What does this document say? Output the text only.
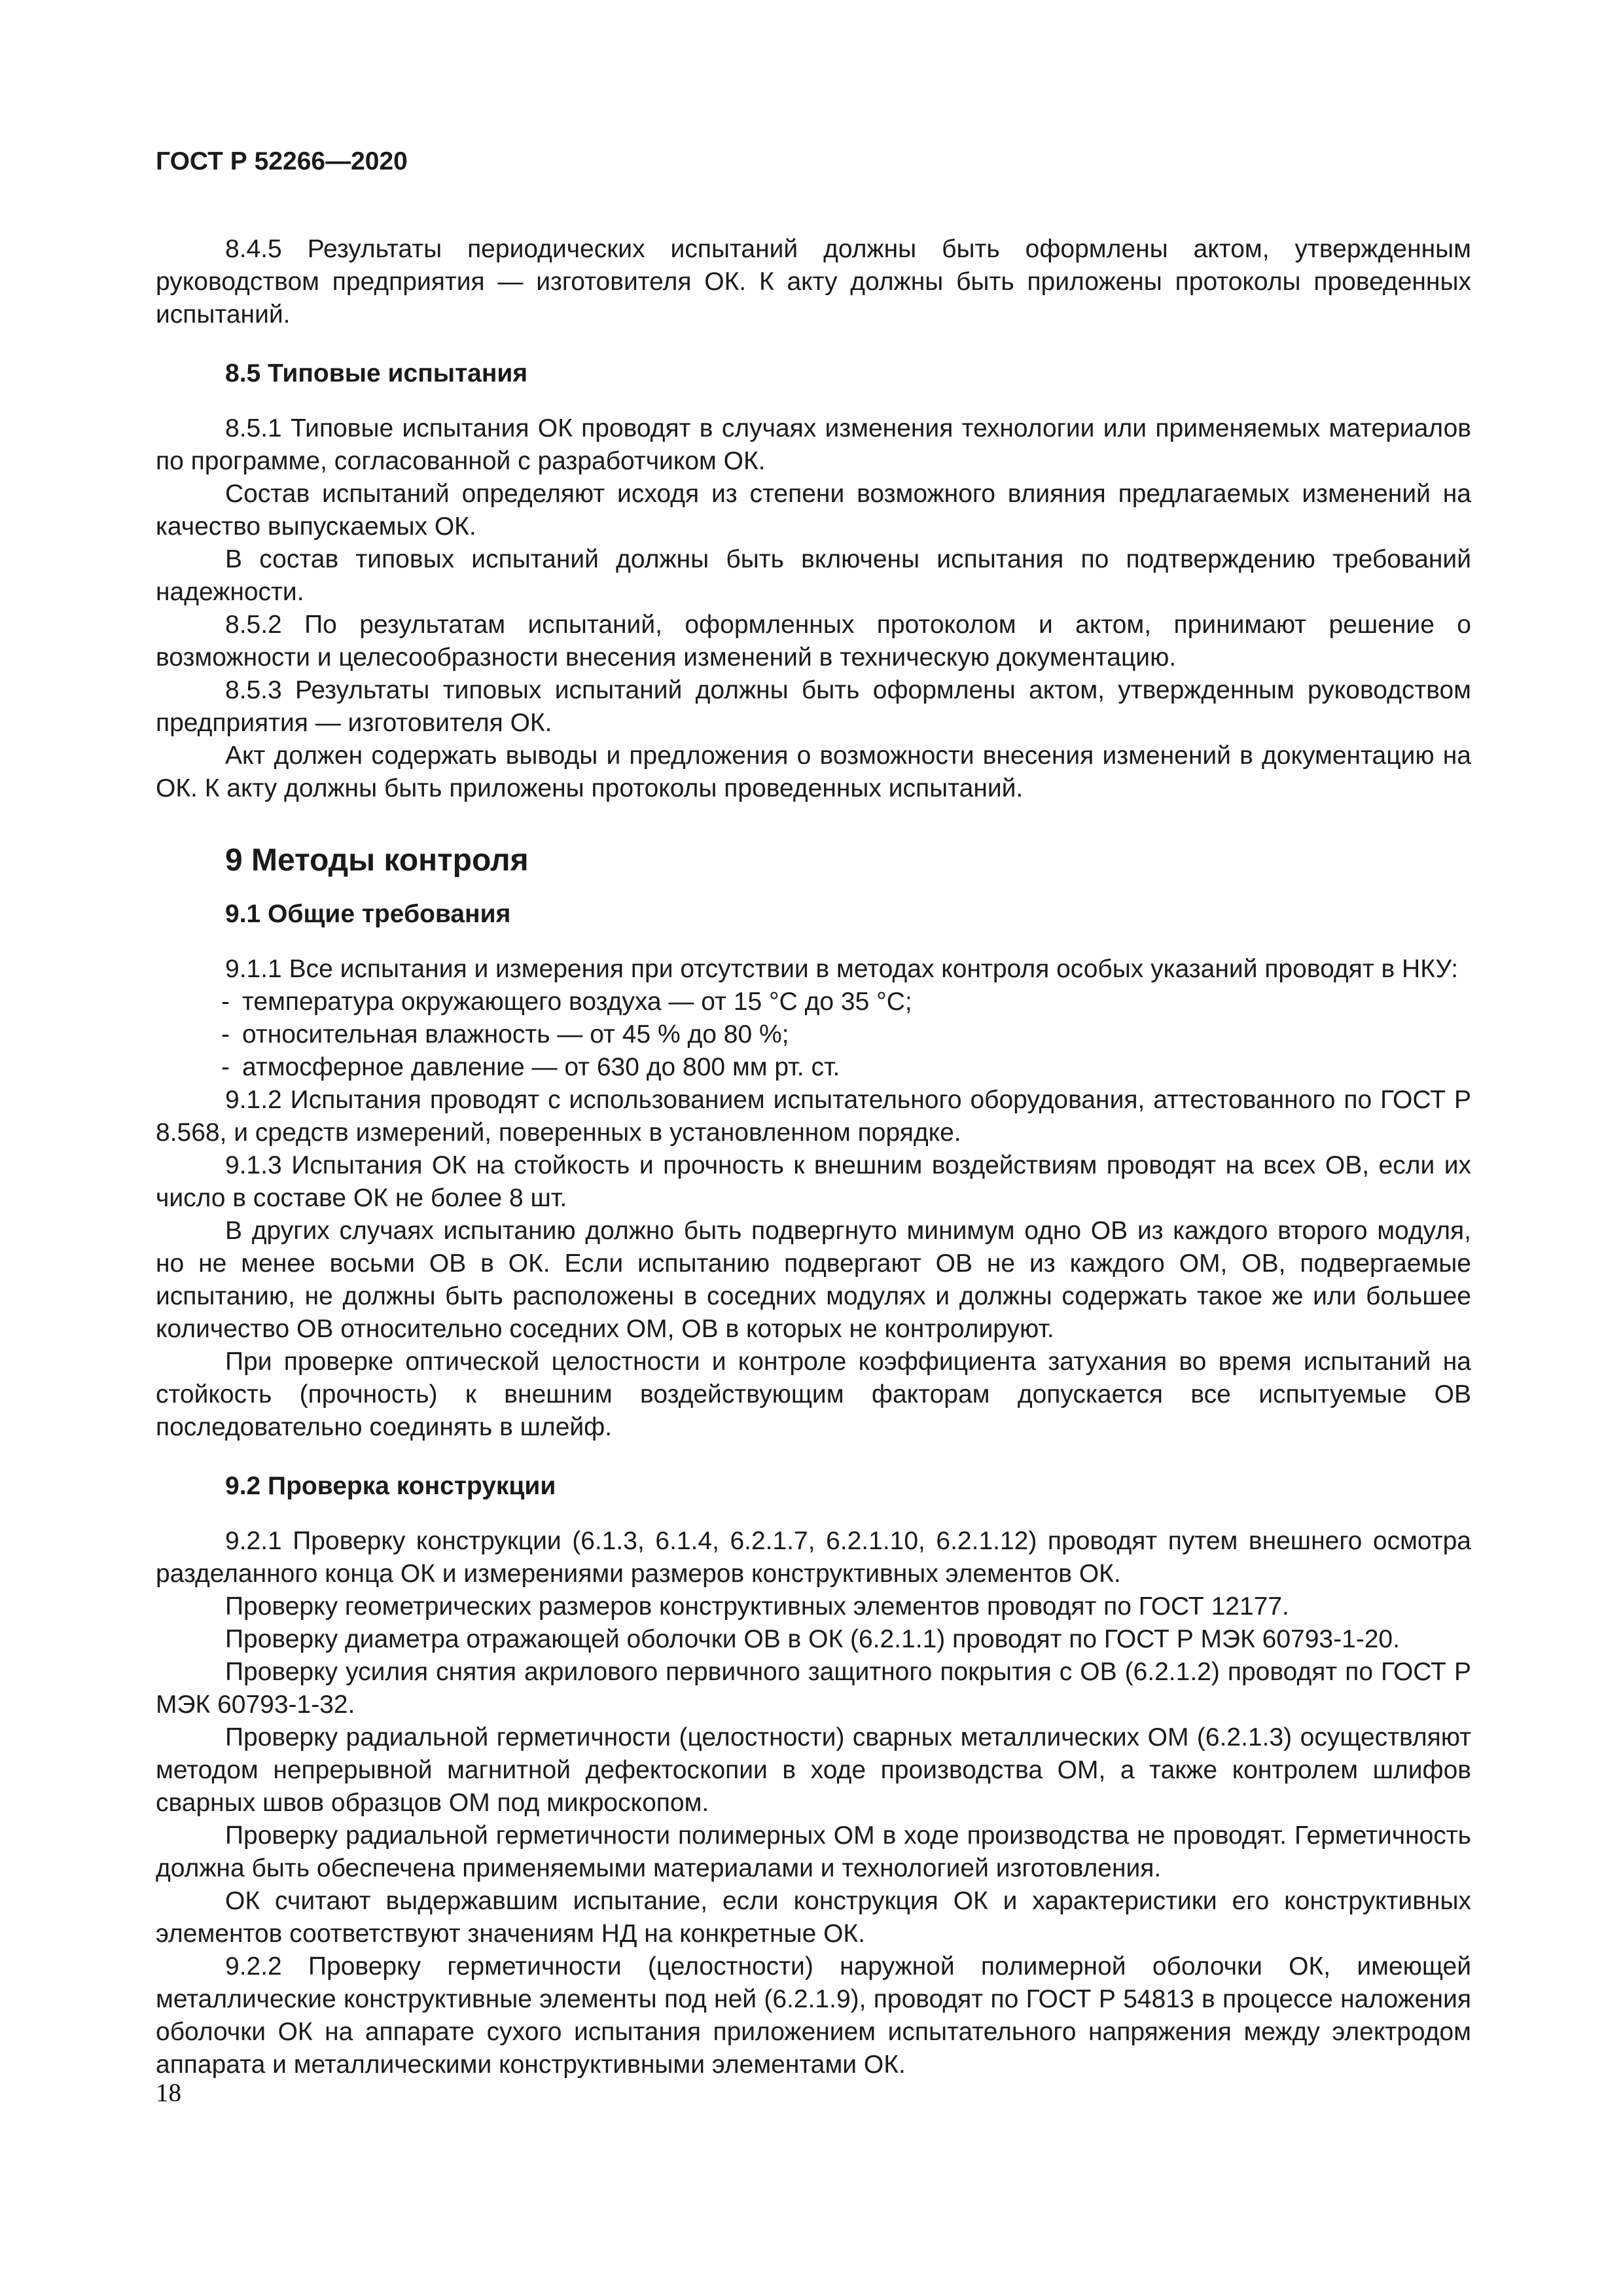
ГОСТ Р 52266—2020

8.4.5 Результаты периодических испытаний должны быть оформлены актом, утвержденным руководством предприятия — изготовителя ОК. К акту должны быть приложены протоколы проведенных испытаний.

8.5 Типовые испытания

8.5.1 Типовые испытания ОК проводят в случаях изменения технологии или применяемых материалов по программе, согласованной с разработчиком ОК.

Состав испытаний определяют исходя из степени возможного влияния предлагаемых изменений на качество выпускаемых ОК.

В состав типовых испытаний должны быть включены испытания по подтверждению требований надежности.

8.5.2 По результатам испытаний, оформленных протоколом и актом, принимают решение о возможности и целесообразности внесения изменений в техническую документацию.

8.5.3 Результаты типовых испытаний должны быть оформлены актом, утвержденным руководством предприятия — изготовителя ОК.

Акт должен содержать выводы и предложения о возможности внесения изменений в документацию на ОК. К акту должны быть приложены протоколы проведенных испытаний.

9 Методы контроля
9.1 Общие требования

9.1.1 Все испытания и измерения при отсутствии в методах контроля особых указаний проводят в НКУ:

- температура окружающего воздуха — от 15 °С до 35 °С;
- относительная влажность — от 45 % до 80 %;
- атмосферное давление — от 630 до 800 мм рт. ст.

9.1.2 Испытания проводят с использованием испытательного оборудования, аттестованного по ГОСТ Р 8.568, и средств измерений, поверенных в установленном порядке.

9.1.3 Испытания ОК на стойкость и прочность к внешним воздействиям проводят на всех ОВ, если их число в составе ОК не более 8 шт.

В других случаях испытанию должно быть подвергнуто минимум одно ОВ из каждого второго модуля, но не менее восьми ОВ в ОК. Если испытанию подвергают ОВ не из каждого ОМ, ОВ, подвергаемые испытанию, не должны быть расположены в соседних модулях и должны содержать такое же или большее количество ОВ относительно соседних ОМ, ОВ в которых не контролируют.

При проверке оптической целостности и контроле коэффициента затухания во время испытаний на стойкость (прочность) к внешним воздействующим факторам допускается все испытуемые ОВ последовательно соединять в шлейф.

9.2 Проверка конструкции

9.2.1 Проверку конструкции (6.1.3, 6.1.4, 6.2.1.7, 6.2.1.10, 6.2.1.12) проводят путем внешнего осмотра разделанного конца ОК и измерениями размеров конструктивных элементов ОК.

Проверку геометрических размеров конструктивных элементов проводят по ГОСТ 12177.

Проверку диаметра отражающей оболочки ОВ в ОК (6.2.1.1) проводят по ГОСТ Р МЭК 60793-1-20.

Проверку усилия снятия акрилового первичного защитного покрытия с ОВ (6.2.1.2) проводят по ГОСТ Р МЭК 60793-1-32.

Проверку радиальной герметичности (целостности) сварных металлических ОМ (6.2.1.3) осуществляют методом непрерывной магнитной дефектоскопии в ходе производства ОМ, а также контролем шлифов сварных швов образцов ОМ под микроскопом.

Проверку радиальной герметичности полимерных ОМ в ходе производства не проводят. Герметичность должна быть обеспечена применяемыми материалами и технологией изготовления.

ОК считают выдержавшим испытание, если конструкция ОК и характеристики его конструктивных элементов соответствуют значениям НД на конкретные ОК.

9.2.2 Проверку герметичности (целостности) наружной полимерной оболочки ОК, имеющей металлические конструктивные элементы под ней (6.2.1.9), проводят по ГОСТ Р 54813 в процессе наложения оболочки ОК на аппарате сухого испытания приложением испытательного напряжения между электродом аппарата и металлическими конструктивными элементами ОК.

18
